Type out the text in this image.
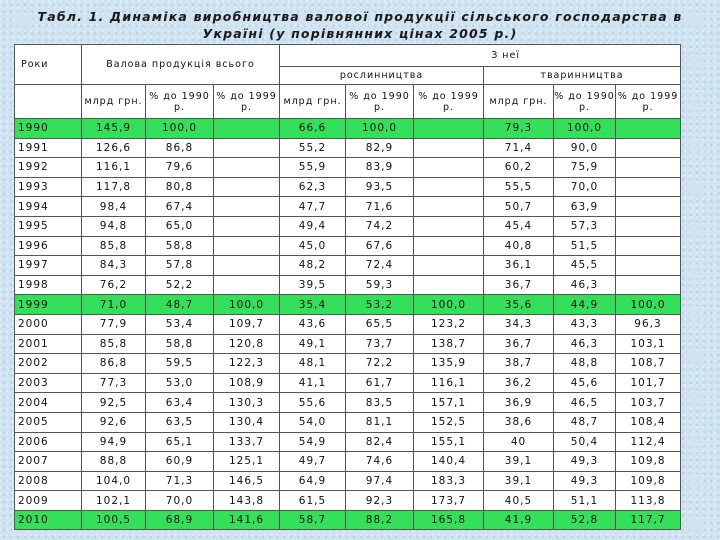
Табл. 1. Динаміка виробництва валової продукції сільського господарства в
Україні (у порівнянних цінах 2005 р.)
Роки	Валова продукція всього			З неї					
				рослинництва			тваринництва		
	млрд грн.	% до 1990 р.	% до 1999 р.	млрд грн.	% до 1990 р.	% до 1999 р.	млрд грн.	% до 1990 р.	% до 1999 р.
1990	145,9	100,0		66,6	100,0		79,3	100,0	
1991	126,6	86,8		55,2	82,9		71,4	90,0	
1992	116,1	79,6		55,9	83,9		60,2	75,9	
1993	117,8	80,8		62,3	93,5		55,5	70,0	
1994	98,4	67,4		47,7	71,6		50,7	63,9	
1995	94,8	65,0		49,4	74,2		45,4	57,3	
1996	85,8	58,8		45,0	67,6		40,8	51,5	
1997	84,3	57,8		48,2	72,4		36,1	45,5	
1998	76,2	52,2		39,5	59,3		36,7	46,3	
1999	71,0	48,7	100,0	35,4	53,2	100,0	35,6	44,9	100,0
2000	77,9	53,4	109,7	43,6	65,5	123,2	34,3	43,3	96,3
2001	85,8	58,8	120,8	49,1	73,7	138,7	36,7	46,3	103,1
2002	86,8	59,5	122,3	48,1	72,2	135,9	38,7	48,8	108,7
2003	77,3	53,0	108,9	41,1	61,7	116,1	36,2	45,6	101,7
2004	92,5	63,4	130,3	55,6	83,5	157,1	36,9	46,5	103,7
2005	92,6	63,5	130,4	54,0	81,1	152,5	38,6	48,7	108,4
2006	94,9	65,1	133,7	54,9	82,4	155,1	40	50,4	112,4
2007	88,8	60,9	125,1	49,7	74,6	140,4	39,1	49,3	109,8
2008	104,0	71,3	146,5	64,9	97,4	183,3	39,1	49,3	109,8
2009	102,1	70,0	143,8	61,5	92,3	173,7	40,5	51,1	113,8
2010	100,5	68,9	141,6	58,7	88,2	165,8	41,9	52,8	117,7
